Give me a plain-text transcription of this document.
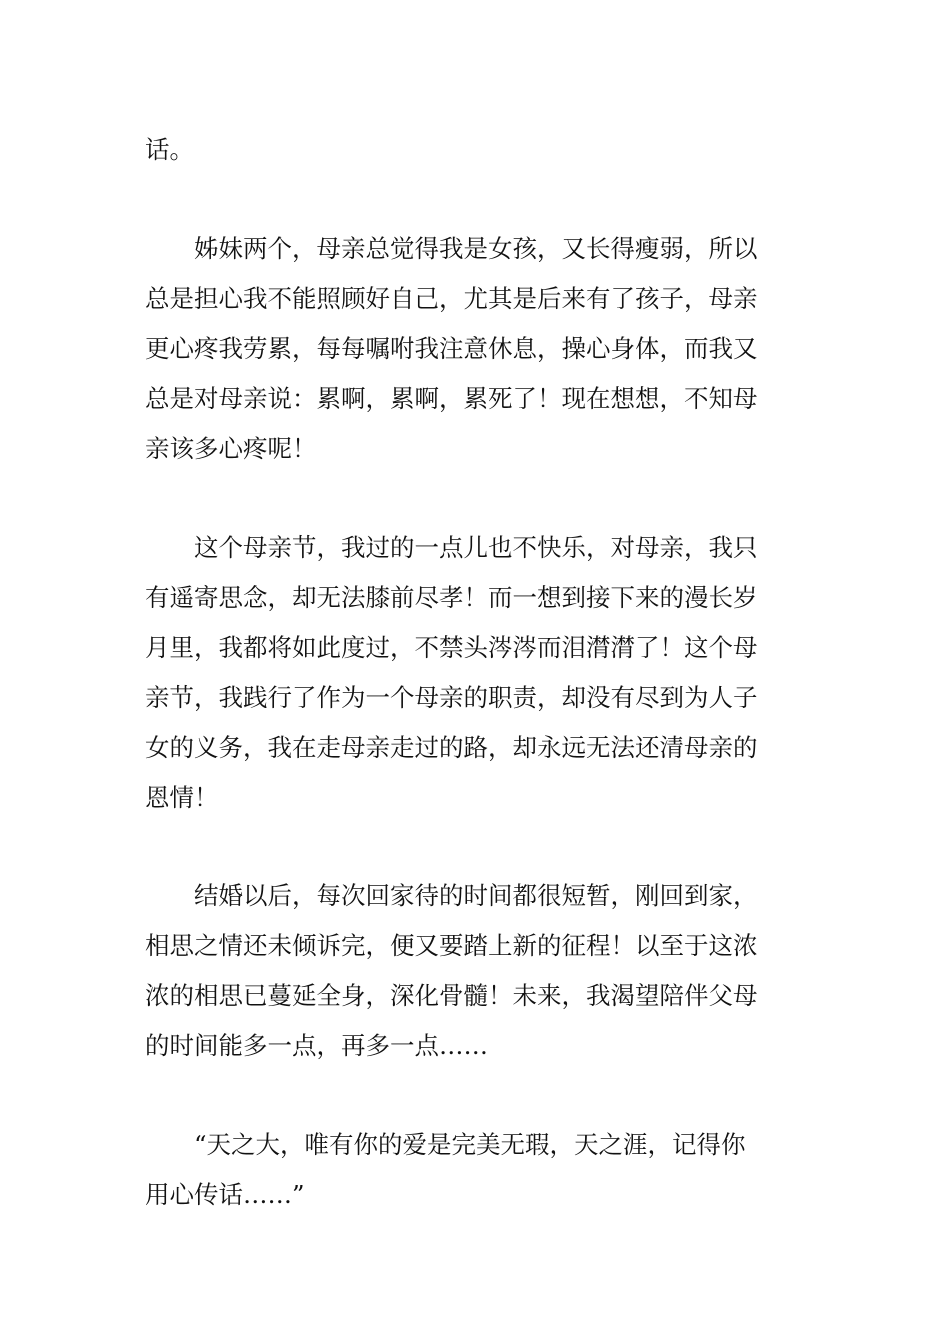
话。
　　姊妹两个，母亲总觉得我是女孩，又长得瘦弱，所以
总是担心我不能照顾好自己，尤其是后来有了孩子，母亲
更心疼我劳累，每每嘱咐我注意休息，操心身体，而我又
总是对母亲说：累啊，累啊，累死了！现在想想，不知母
亲该多心疼呢！
　　这个母亲节，我过的一点儿也不快乐，对母亲，我只
有遥寄思念，却无法膝前尽孝！而一想到接下来的漫长岁
月里，我都将如此度过，不禁头涔涔而泪潸潸了！这个母
亲节，我践行了作为一个母亲的职责，却没有尽到为人子
女的义务，我在走母亲走过的路，却永远无法还清母亲的
恩情！
　　结婚以后，每次回家待的时间都很短暂，刚回到家，
相思之情还未倾诉完，便又要踏上新的征程！以至于这浓
浓的相思已蔓延全身，深化骨髓！未来，我渴望陪伴父母
的时间能多一点，再多一点……
　　“天之大，唯有你的爱是完美无瑕，天之涯，记得你
用心传话……”
